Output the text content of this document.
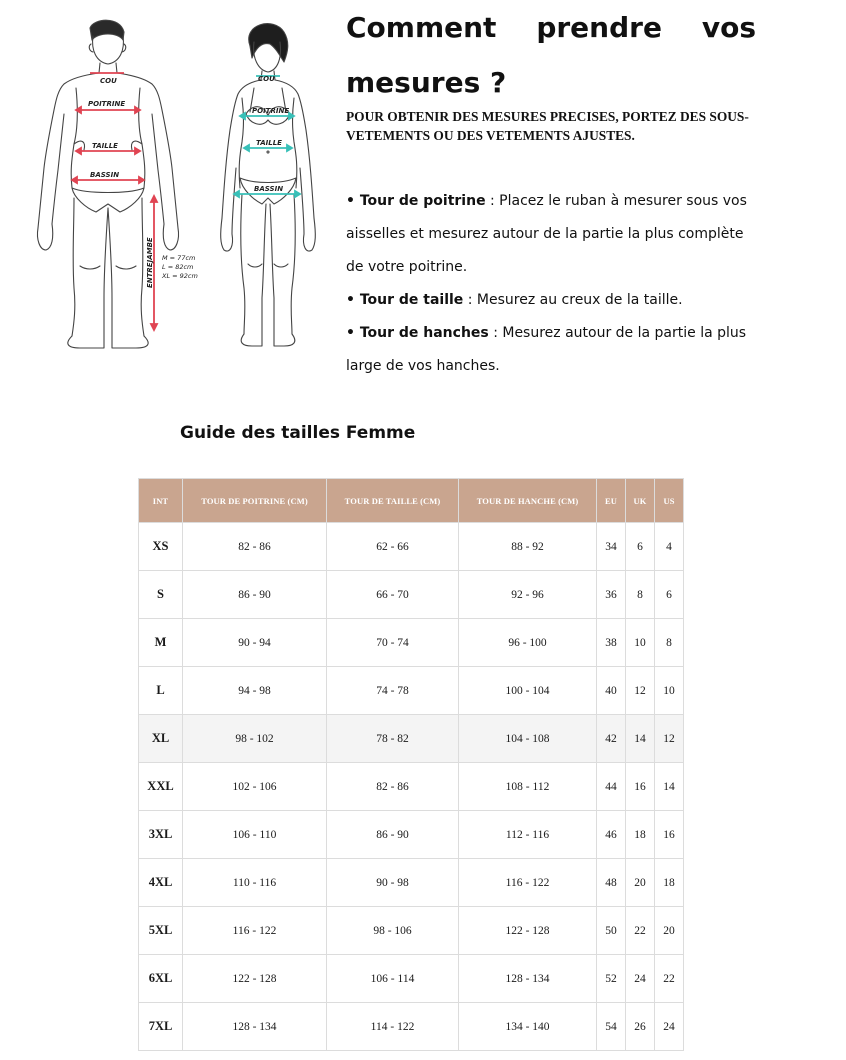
COU
POITRINE
TAILLE
BASSIN
ENTREJAMBE M = 77cm
L = 82cm
XL = 92cm
COU
POITRINE
TAILLE
BASSIN
Comment prendre vos mesures ?

POUR OBTENIR DES MESURES PRECISES, PORTEZ DES SOUS-VETEMENTS OU DES VETEMENTS AJUSTES.

• Tour de poitrine : Placez le ruban à mesurer sous vos aisselles et mesurez autour de la partie la plus complète de votre poitrine.

• Tour de taille : Mesurez au creux de la taille.

• Tour de hanches : Mesurez autour de la partie la plus large de vos hanches.

Guide des tailles Femme
INT	TOUR DE POITRINE (CM)	TOUR DE TAILLE (CM)	TOUR DE HANCHE (CM)	EU	UK	US
XS	82 - 86	62 - 66	88 - 92	34	6	4
S	86 - 90	66 - 70	92 - 96	36	8	6
M	90 - 94	70 - 74	96 - 100	38	10	8
L	94 - 98	74 - 78	100 - 104	40	12	10
XL	98 - 102	78 - 82	104 - 108	42	14	12
XXL	102 - 106	82 - 86	108 - 112	44	16	14
3XL	106 - 110	86 - 90	112 - 116	46	18	16
4XL	110 - 116	90 - 98	116 - 122	48	20	18
5XL	116 - 122	98 - 106	122 - 128	50	22	20
6XL	122 - 128	106 - 114	128 - 134	52	24	22
7XL	128 - 134	114 - 122	134 - 140	54	26	24
